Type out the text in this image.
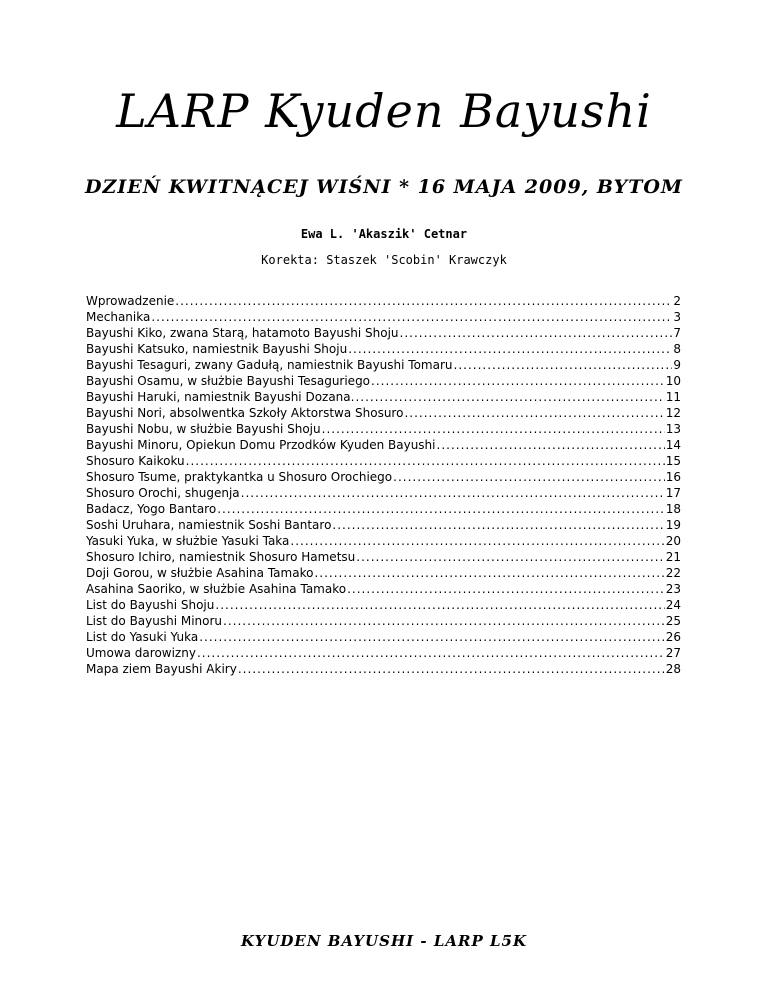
LARP Kyuden Bayushi
DZIEŃ KWITNĄCEJ WIŚNI * 16 MAJA 2009, BYTOM
Ewa L. 'Akaszik' Cetnar
Korekta: Staszek 'Scobin' Krawczyk
Wprowadzenie .....	2
Mechanika .....	3
Bayushi Kiko, zwana Starą, hatamoto Bayushi Shoju .....	7
Bayushi Katsuko, namiestnik Bayushi Shoju .....	8
Bayushi Tesaguri, zwany Gadułą, namiestnik Bayushi Tomaru .....	9
Bayushi Osamu, w służbie Bayushi Tesaguriego .....	10
Bayushi Haruki, namiestnik Bayushi Dozana. .....	11
Bayushi Nori, absolwentka Szkoły Aktorstwa Shosuro .....	12
Bayushi Nobu, w służbie Bayushi Shoju .....	13
Bayushi Minoru, Opiekun Domu Przodków Kyuden Bayushi .....	14
Shosuro Kaikoku .....	15
Shosuro Tsume, praktykantka u Shosuro Orochiego .....	16
Shosuro Orochi, shugenja .....	17
Badacz, Yogo Bantaro .....	18
Soshi Uruhara, namiestnik Soshi Bantaro .....	19
Yasuki Yuka, w służbie Yasuki Taka .....	20
Shosuro Ichiro, namiestnik Shosuro Hametsu .....	21
Doji Gorou, w służbie Asahina Tamako .....	22
Asahina Saoriko, w służbie Asahina Tamako .....	23
List do Bayushi Shoju .....	24
List do Bayushi Minoru .....	25
List do Yasuki Yuka .....	26
Umowa darowizny .....	27
Mapa ziem Bayushi Akiry .....	28
KYUDEN BAYUSHI - LARP L5K
